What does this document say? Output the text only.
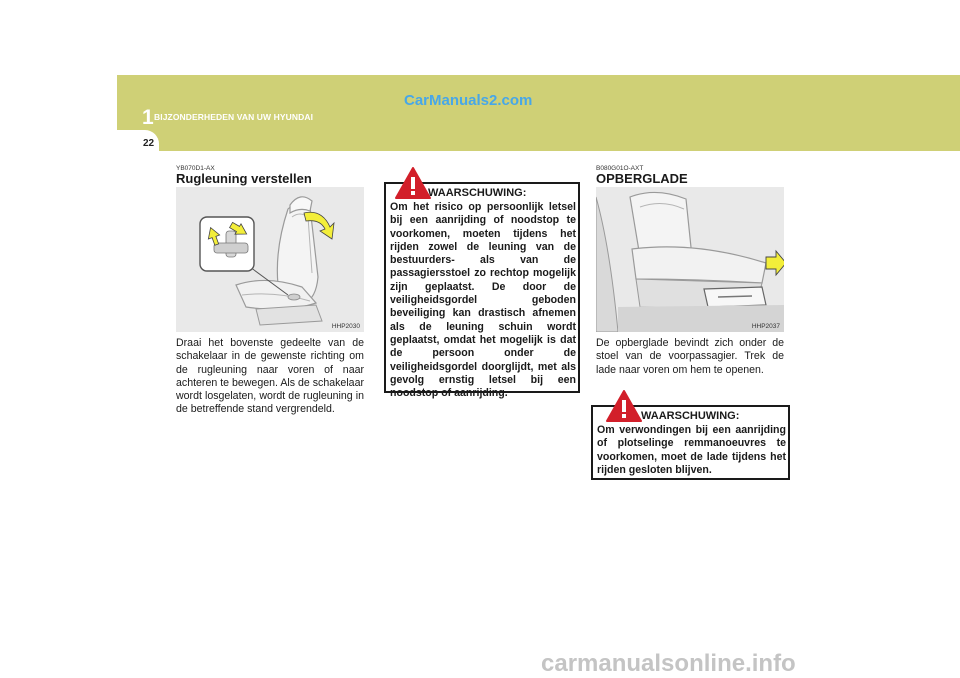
1 BIJZONDERHEDEN VAN UW HYUNDAI
22
CarManuals2.com
YB070D1-AX
Rugleuning verstellen
HHP2030
Draai het bovenste gedeelte van de schakelaar in de gewenste richting om de rugleuning naar voren of naar achteren te bewegen. Als de schakelaar wordt losgelaten, wordt de rugleuning in de betreffende stand vergrendeld.
WAARSCHUWING:
Om het risico op persoonlijk letsel bij een aanrijding of noodstop te voorkomen, moeten tijdens het rijden zowel de leuning van de bestuurders- als van de passagiersstoel zo rechtop mogelijk zijn geplaatst. De door de veiligheidsgordel geboden beveiliging kan drastisch afnemen als de leuning schuin wordt geplaatst, omdat het mogelijk is dat de persoon onder de veiligheidsgordel doorglijdt, met als gevolg ernstig letsel bij een noodstop of aanrijding.
B080G01O-AXT
OPBERGLADE
HHP2037
De opberglade bevindt zich onder de stoel van de voorpassagier. Trek de lade naar voren om hem te openen.
WAARSCHUWING:
Om verwondingen bij een aanrijding of plotselinge remmanoeuvres te voorkomen, moet de lade tijdens het rijden gesloten blijven.
carmanualsonline.info
